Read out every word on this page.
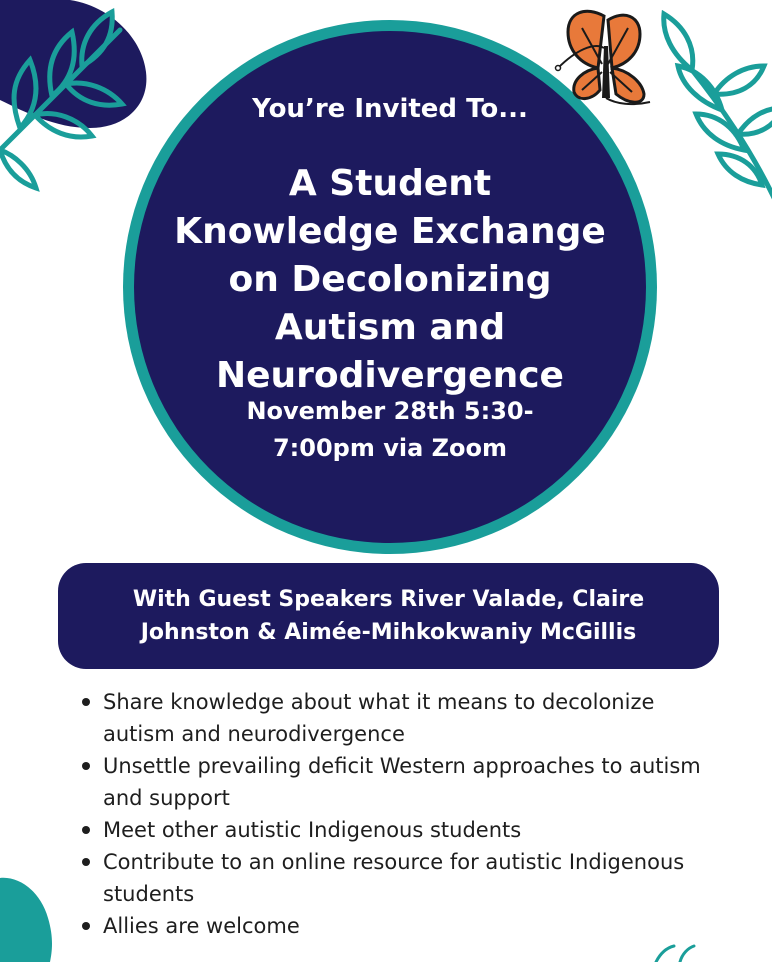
You’re Invited To...
A Student Knowledge Exchange on Decolonizing Autism and Neurodivergence
November 28th 5:30-7:00pm via Zoom
With Guest Speakers River Valade, Claire Johnston & Aimée-Mihkokwaniy McGillis
Share knowledge about what it means to decolonize autism and neurodivergence
Unsettle prevailing deficit Western approaches to autism and support
Meet other autistic Indigenous students
Contribute to an online resource for autistic Indigenous students
Allies are welcome
